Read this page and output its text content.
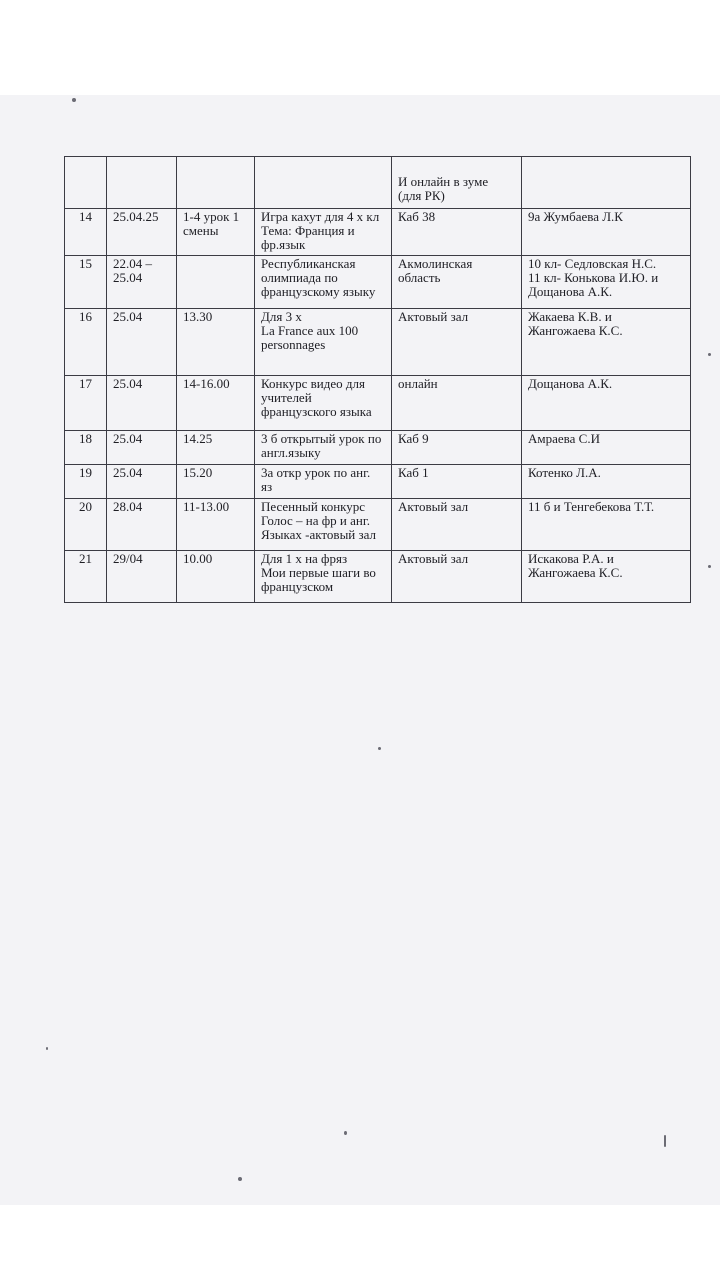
				И онлайн в зуме
(для РК)	
14	25.04.25	1-4 урок 1
смены	Игра кахут для 4 х кл
Тема: Франция и
фр.язык	Каб 38	9а Жумбаева Л.К
15	22.04 –
25.04		Республиканская
олимпиада по
французскому языку	Акмолинская
область	10 кл- Седловская Н.С.
11 кл- Конькова И.Ю. и
Дощанова А.К.
16	25.04	13.30	Для 3 х
La France aux 100
personnages	Актовый зал	Жакаева К.В. и
Жангожаева К.С.
17	25.04	14-16.00	Конкурс видео для
учителей
французского языка	онлайн	Дощанова А.К.
18	25.04	14.25	3 б открытый урок по
англ.языку	Каб 9	Амраева С.И
19	25.04	15.20	3а откр урок по анг.
яз	Каб 1	Котенко Л.А.
20	28.04	11-13.00	Песенный конкурс
Голос – на фр и анг.
Языках -актовый зал	Актовый зал	11 б и Тенгебекова Т.Т.
21	29/04	10.00	Для 1 х на фряз
Мои первые шаги во
французском	Актовый зал	Искакова Р.А. и
Жангожаева К.С.
